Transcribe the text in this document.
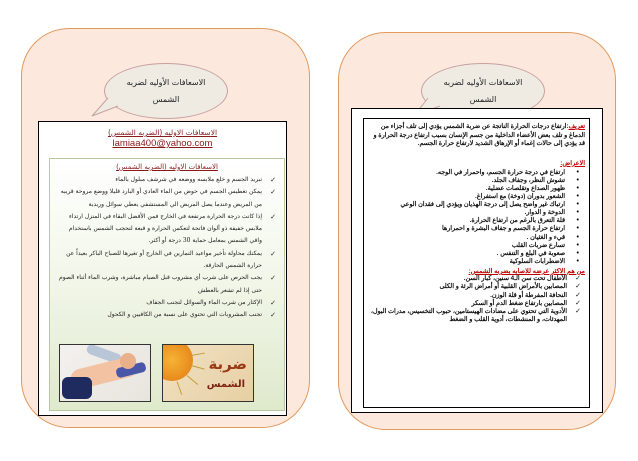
الاسعافات الأوليه لضربه
الشمس
الاسعافات الاوليه (الضربه الشمس)
lamiaa400@yahoo.com
الاسعافات الاوليه (الضربه الشمس)
✓
تبريد الجسم و خلع ملابسه ووضعه في شرشف مبلول بالماء
✓
يمكن تغطيس الجسم في حوض من الماء العادي أو البارد قليلا ووضع مروحة قريبه من المريض وعندما يصل المريض الي المستشفي يعطي سوائل وريدية
✓
إذا كانت درجة الحرارة مرتفعة في الخارج فمن الأفضل البقاء في المنزل ارتداء ملابس خفيفة ذو ألوان فاتحة لتعكس الحرارة و قبعة لتحجب الشمس باستخدام واقي الشمس بمعامل حماية 30 درجة أو أكثر.
✓
يمكنك محاولة تأخير مواعيد التمارين في الخارج أو تغيرها للصباح الباكر بعيداً عن حرارة الشمس الحارقة.
✓
يجب الحرص على شرب أي مشروب قبل الصيام مباشرة، وشرب الماء أثناء الصوم حتى إذا لم تشعر بالعطش
✓
الإكثار من شرب الماء والسوائل لتجنب الجفاف
✓
تجنب المشروبات التي تحتوي على نسبة من الكافيين و الكحول
ضربة
الشمس
الاسعافات الأوليه لضربه
الشمس
تعريف:ارتفاع درجات الحرارة الناتجة عن ضربة الشمس يؤدي إلى تلف أجزاء من الدماغ و تلف بعض الأعضاء الداخلية من جسم الإنسان بسبب ارتفاع درجة الحرارة و قد يؤدي إلى حالات إغماء أو الإرهاق الشديد لارتفاع حرارة الجسم.
الاعراض:
•
ارتفاع في درجة حرارة الجسم، واحمرار في الوجه.
•
تشوش النظر، وجفاف الجلد.
•
ظهور الصداع وتقلصات عضلية.
•
الشعور بدوران (دوخة) مع استفراغ.
•
ارتباك غير واضح يصل إلى درجة الهذيان ويؤدي إلى فقدان الوعي
•
الدوخة و الدوار.
•
قلة التعرق بالرغم من ارتفاع الحرارة.
•
ارتفاع حرارة الجسم و جفاف البشرة و احمرارها
•
قيء و الغثيان .
•
تسارع ضربات القلب
•
صعوبة في البلع و التنفس .
•
الاضطرابات السلوكية
من هم الاكثر عرضه للاصابه بضربه الشمس:
✓
الأطفال تحت سن الـ4 سنين، كبار السن.
✓
المصابين بالأمراض القلبية أو أمراض الرئة و الكلى
✓
النحافة المفرطة أو قلة الوزن.
✓
المصابين بارتفاع ضغط الدم أو السكر
✓
الأدوية التي تحتوي على مضادات الهيستامين، حبوب التخسيس، مدرات البول، المهدئات، و المنشطات، أدوية القلب و الضغط
